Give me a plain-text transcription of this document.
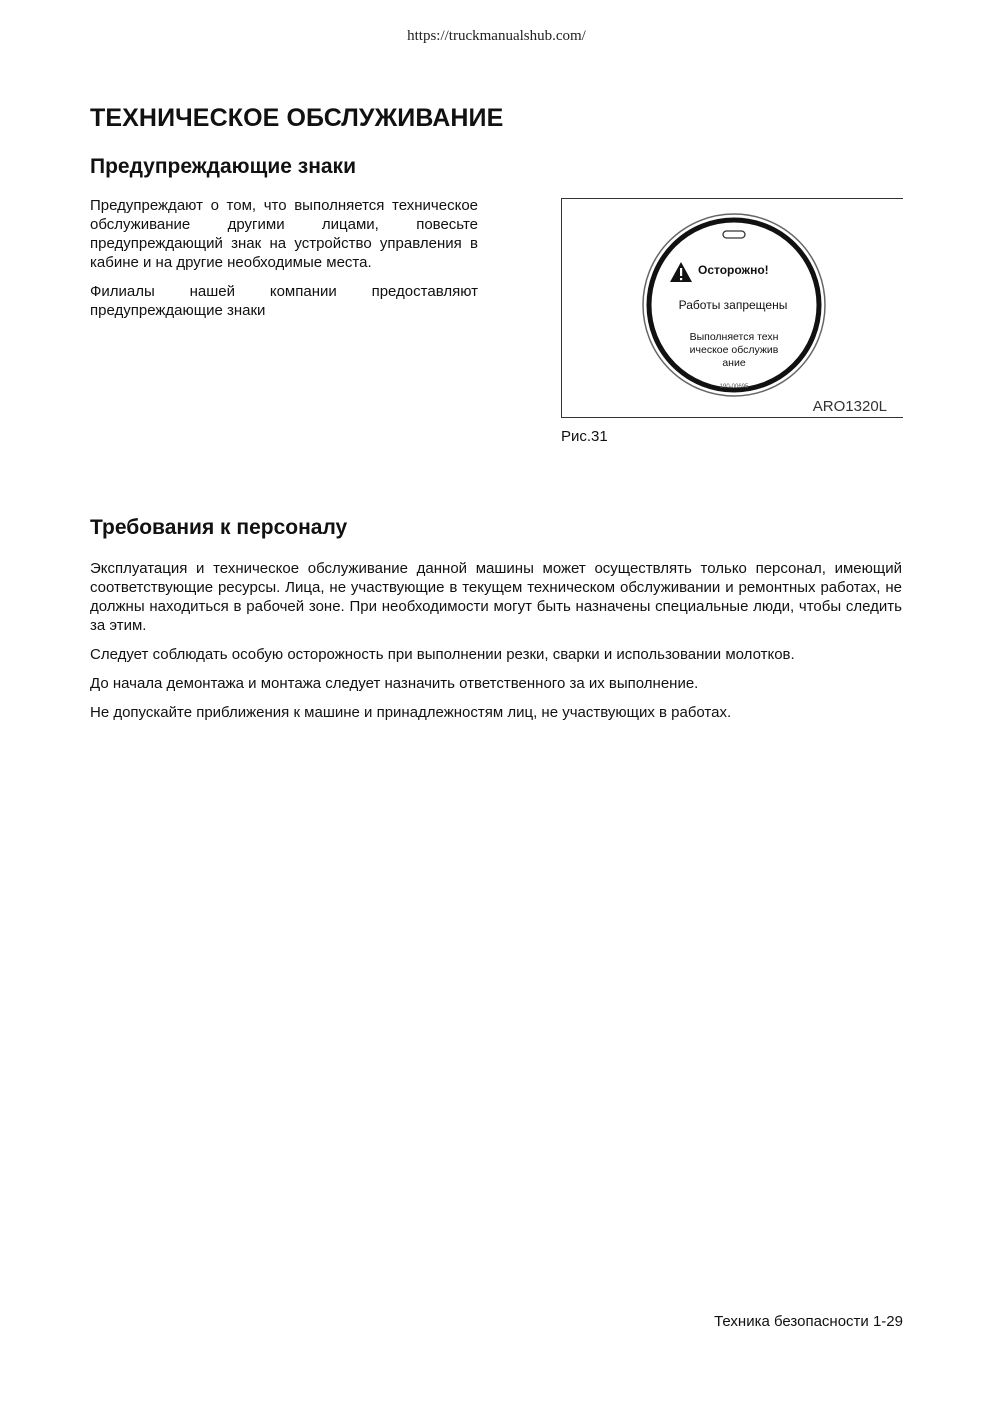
https://truckmanualshub.com/
ТЕХНИЧЕСКОЕ ОБСЛУЖИВАНИЕ
Предупреждающие знаки

Предупреждают о том, что выполняется техническое обслуживание другими лицами, повесьте предупреждающий знак на устройство управления в кабине и на другие необходимые места.

Филиалы нашей компании предоставляют предупреждающие знаки

Осторожно!
Работы запрещены
Выполняется техн
ическое обслужив
ание
190-00695
ARO1320L
Рис.31
Требования к персоналу

Эксплуатация и техническое обслуживание данной машины может осуществлять только персонал, имеющий соответствующие ресурсы. Лица, не участвующие в текущем техническом обслуживании и ремонтных работах, не должны находиться в рабочей зоне. При необходимости могут быть назначены специальные люди, чтобы следить за этим.

Следует соблюдать особую осторожность при выполнении резки, сварки и использовании молотков.

До начала демонтажа и монтажа следует назначить ответственного за их выполнение.

Не допускайте приближения к машине и принадлежностям лиц, не участвующих в работах.

Техника безопасности 1-29
